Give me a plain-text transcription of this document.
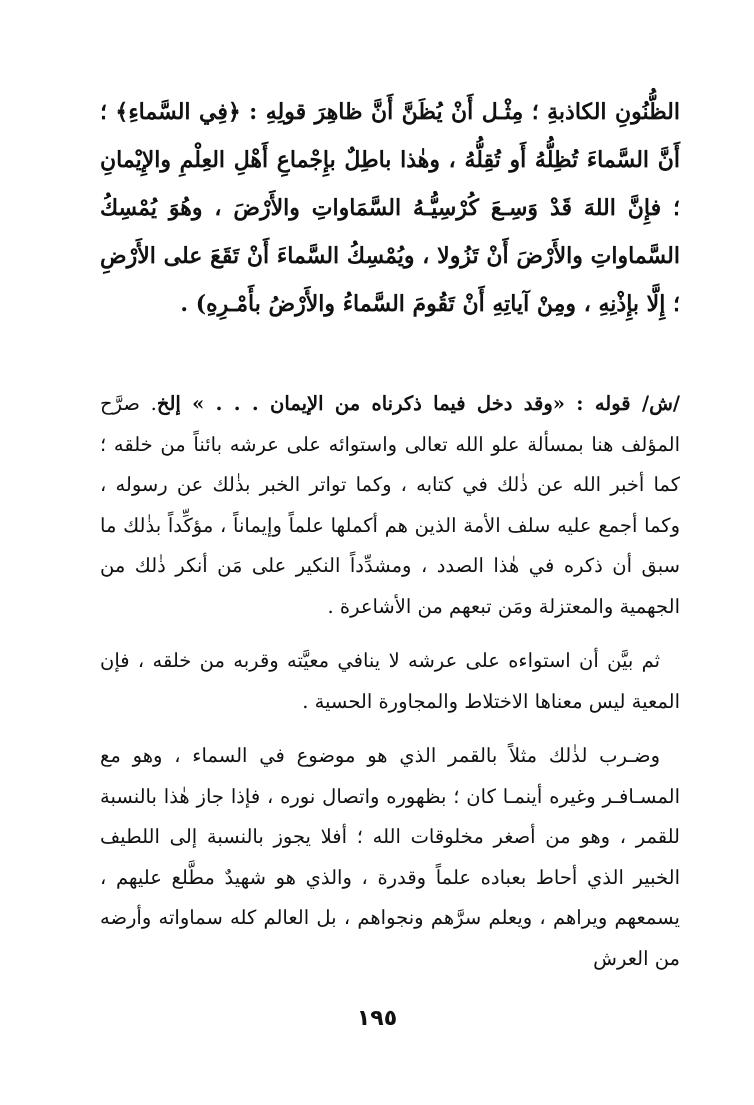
الظُّنُونِ الكاذبةِ ؛ مِثْـل أَنْ يُظَنَّ أَنَّ ظاهِرَ قولِهِ : ﴿فِي السَّماءِ﴾ ؛ أَنَّ السَّماءَ تُظِلُّهُ أَو تُقِلُّهُ ، وهٰذا باطِلٌ بإِجْماعِ أَهْلِ العِلْمِ والإِيْمانِ ؛ فإِنَّ اللهَ قَدْ وَسِـعَ كُرْسِيُّـهُ السَّمَاواتِ والأَرْضَ ، وهُوَ يُمْسِكُ السَّماواتِ والأَرْضَ أَنْ تَزُولا ، ويُمْسِكُ السَّماءَ أَنْ تَقَعَ على الأَرْضِ ؛ إِلَّا بإِذْنِهِ ، ومِنْ آياتِهِ أَنْ تَقُومَ السَّماءُ والأَرْضُ بأَمْـرِهِ) .

/ش/ قوله : «وقد دخل فيما ذكرناه من الإيمان . . . » إلخ. صرَّح المؤلف هنا بمسألة علو الله تعالى واستوائه على عرشه بائناً من خلقه ؛ كما أخبر الله عن ذٰلك في كتابه ، وكما تواتر الخبر بذٰلك عن رسوله ، وكما أجمع عليه سلف الأمة الذين هم أكملها علماً وإيماناً ، مؤكِّداً بذٰلك ما سبق أن ذكره في هٰذا الصدد ، ومشدِّداً النكير على مَن أنكر ذٰلك من الجهمية والمعتزلة ومَن تبعهم من الأشاعرة .

ثم بيَّن أن استواءه على عرشه لا ينافي معيَّته وقربه من خلقه ، فإن المعية ليس معناها الاختلاط والمجاورة الحسية .

وضـرب لذٰلك مثلاً بالقمر الذي هو موضوع في السماء ، وهو مع المسـافـر وغيره أينمـا كان ؛ بظهوره واتصال نوره ، فإذا جاز هٰذا بالنسبة للقمر ، وهو من أصغر مخلوقات الله ؛ أفلا يجوز بالنسبة إلى اللطيف الخبير الذي أحاط بعباده علماً وقدرة ، والذي هو شهيدٌ مطَّلع عليهم ، يسمعهم ويراهم ، ويعلم سرَّهم ونجواهم ، بل العالم كله سماواته وأرضه من العرش

١٩٥
